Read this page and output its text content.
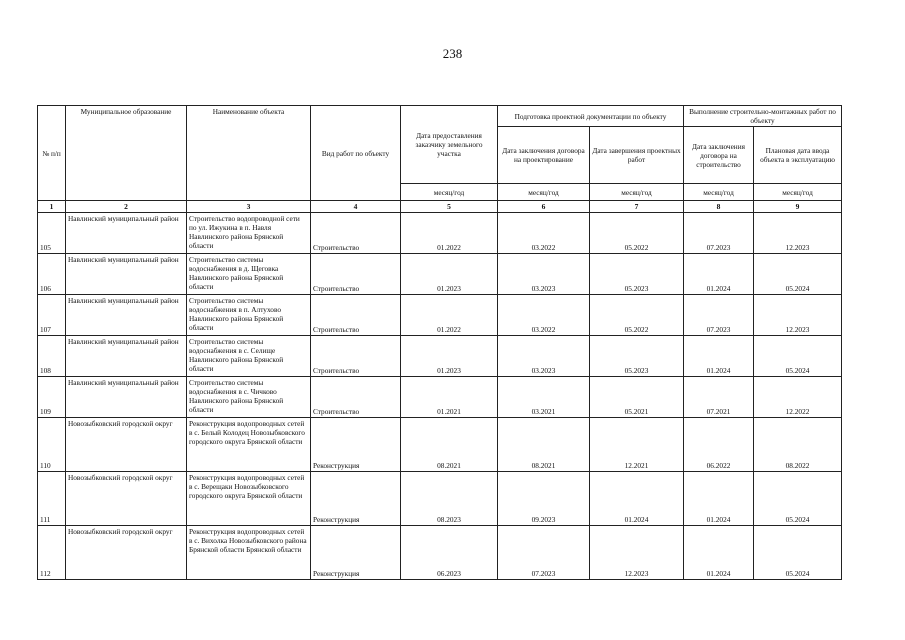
238
№ п/п	Муниципальное образование	Наименование объекта	Вид работ по объекту	Дата предоставления заказчику земельного участка	Подготовка проектной документации по объекту		Выполнение строительно-монтажных работ по объекту	
					Дата заключения договора на проектирование	Дата завершения проектных работ	Дата заключения договора на строительство	Плановая дата ввода объекта в эксплуатацию
				месяц/год	месяц/год	месяц/год	месяц/год	месяц/год
1	2	3	4	5	6	7	8	9
105	Навлинский муниципальный район	Строительство водопроводной сети по ул. Ижукина в п. Навля Навлинского района Брянской области	Строительство	01.2022	03.2022	05.2022	07.2023	12.2023
106	Навлинский муниципальный район	Строительство системы водоснабжения в д. Щеговка Навлинского района Брянской области	Строительство	01.2023	03.2023	05.2023	01.2024	05.2024
107	Навлинский муниципальный район	Строительство системы водоснабжения в п. Алтухово Навлинского района Брянской области	Строительство	01.2022	03.2022	05.2022	07.2023	12.2023
108	Навлинский муниципальный район	Строительство системы водоснабжения в с. Селище Навлинского района Брянской области	Строительство	01.2023	03.2023	05.2023	01.2024	05.2024
109	Навлинский муниципальный район	Строительство системы водоснабжения в с. Чичково Навлинского района Брянской области	Строительство	01.2021	03.2021	05.2021	07.2021	12.2022
110	Новозыбковский городской округ	Реконструкция водопроводных сетей в с. Белый Колодец Новозыбковского городского округа Брянской области	Реконструкция	08.2021	08.2021	12.2021	06.2022	08.2022
111	Новозыбковский городской округ	Реконструкция водопроводных сетей в с. Верещаки Новозыбковского городского округа Брянской области	Реконструкция	08.2023	09.2023	01.2024	01.2024	05.2024
112	Новозыбковский городской округ	Реконструкция водопроводных сетей в с. Вихолка Новозыбковского района Брянской области Брянской области	Реконструкция	06.2023	07.2023	12.2023	01.2024	05.2024
